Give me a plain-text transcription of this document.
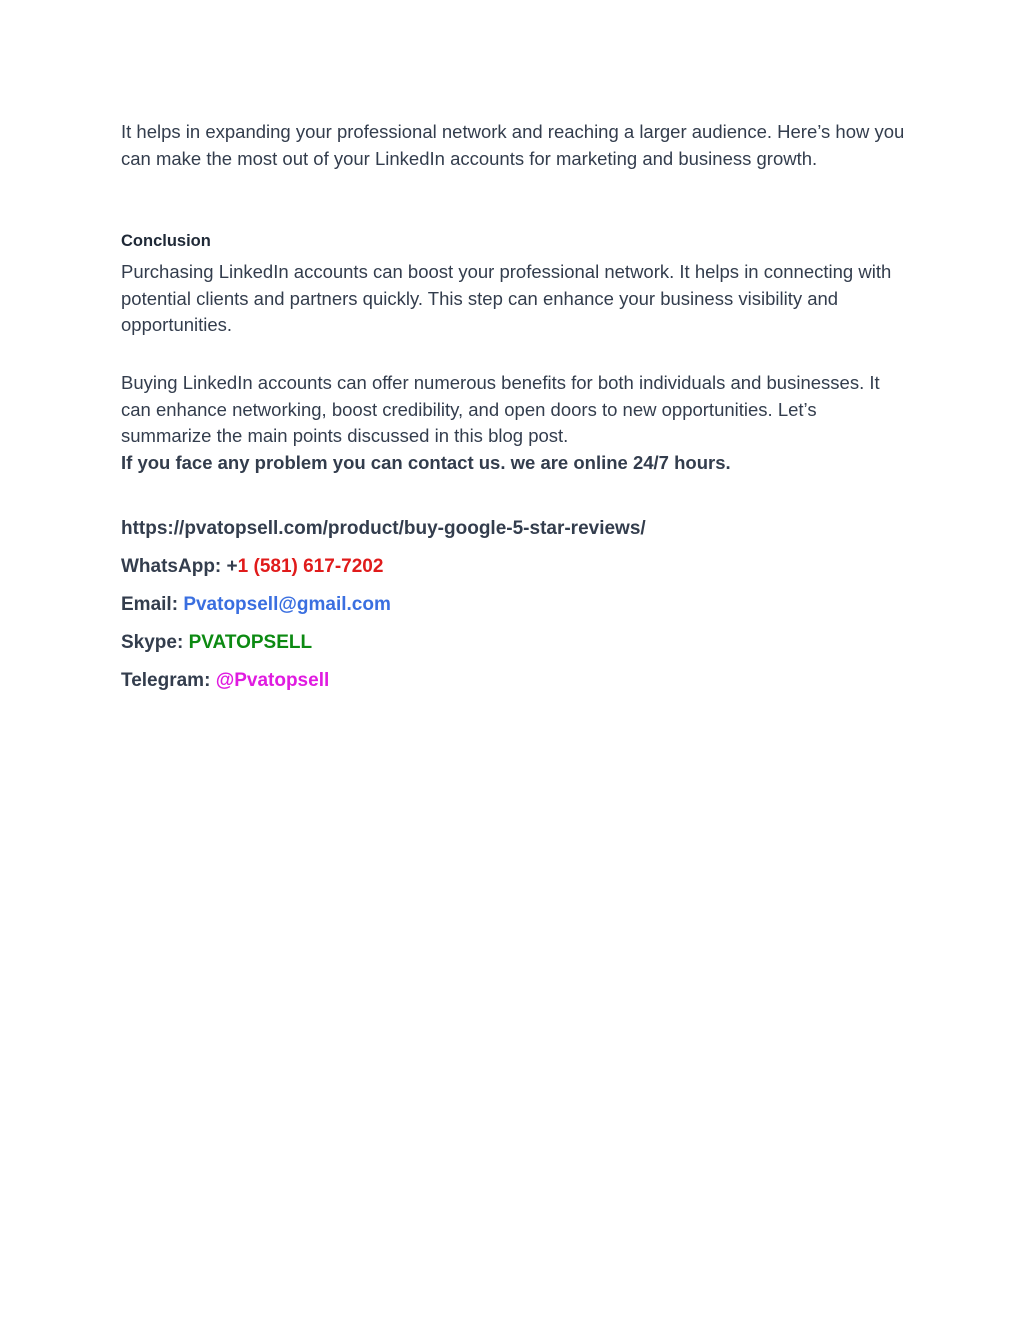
It helps in expanding your professional network and reaching a larger audience. Here’s how you can make the most out of your LinkedIn accounts for marketing and business growth.

Conclusion

Purchasing LinkedIn accounts can boost your professional network. It helps in connecting with potential clients and partners quickly. This step can enhance your business visibility and opportunities.

Buying LinkedIn accounts can offer numerous benefits for both individuals and businesses. It can enhance networking, boost credibility, and open doors to new opportunities. Let’s summarize the main points discussed in this blog post.
If you face any problem you can contact us. we are online 24/7 hours.
https://pvatopsell.com/product/buy-google-5-star-reviews/
WhatsApp: +1 (581) 617-7202
Email: Pvatopsell@gmail.com
Skype: PVATOPSELL
Telegram: @Pvatopsell
